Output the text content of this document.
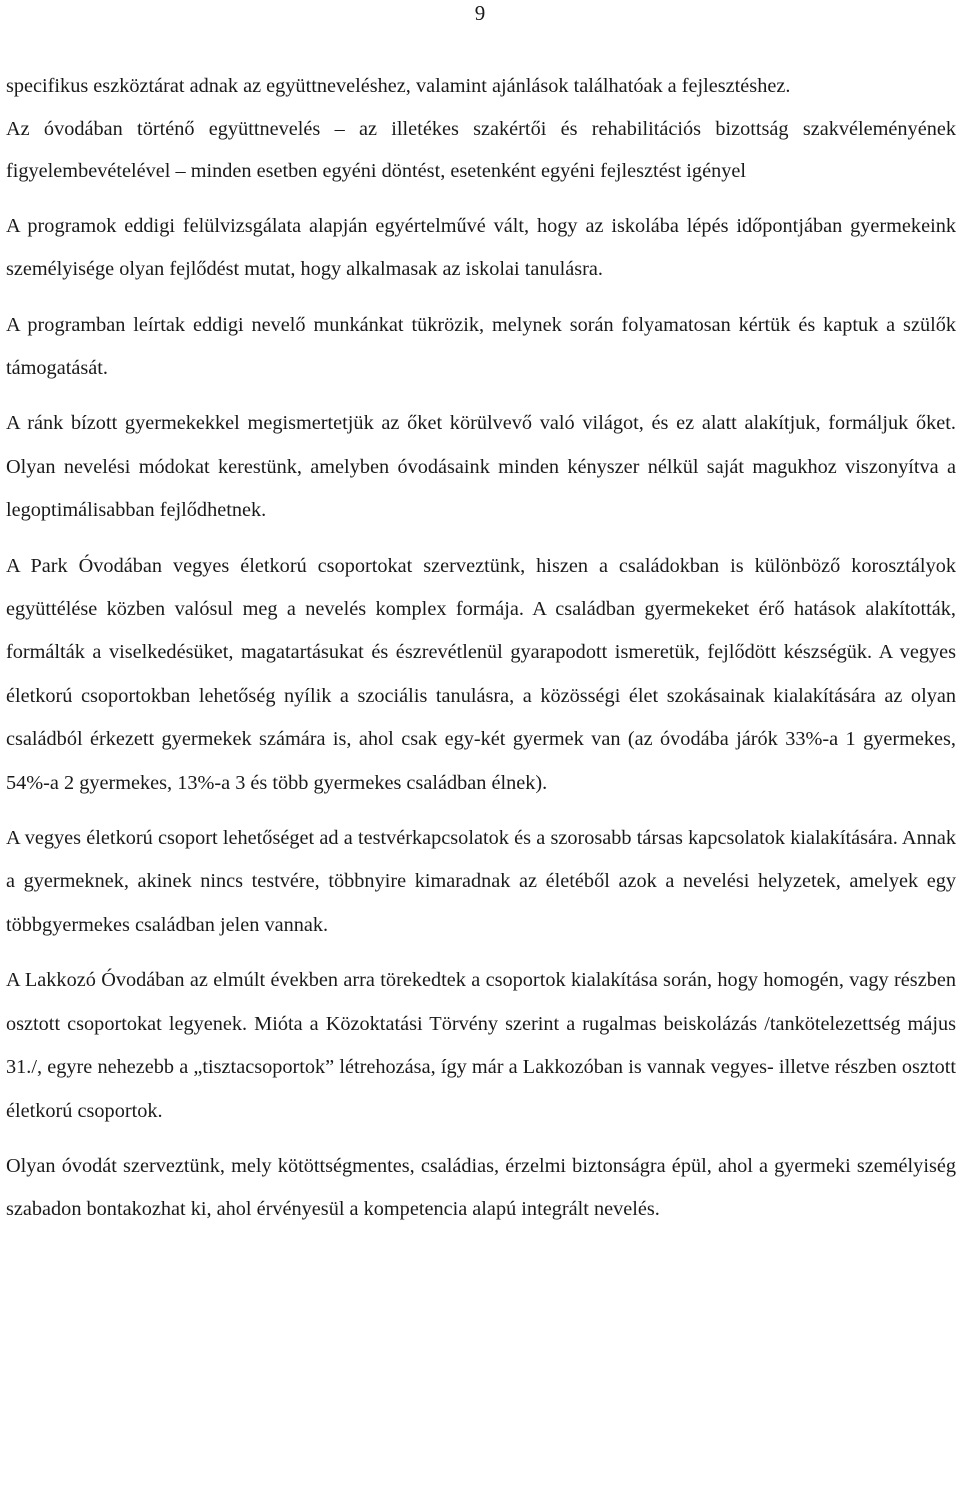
9

specifikus eszköztárat adnak az együttneveléshez, valamint ajánlások találhatóak a fejlesztéshez.

Az óvodában történő együttnevelés – az illetékes szakértői és rehabilitációs bizottság szakvéleményének figyelembevételével – minden esetben egyéni döntést, esetenként egyéni fejlesztést igényel

A programok eddigi felülvizsgálata alapján egyértelművé vált, hogy az iskolába lépés időpontjában gyermekeink személyisége olyan fejlődést mutat, hogy alkalmasak az iskolai tanulásra.

A programban leírtak eddigi nevelő munkánkat tükrözik, melynek során folyamatosan kértük és kaptuk a szülők támogatását.

A ránk bízott gyermekekkel megismertetjük az őket körülvevő való világot, és ez alatt alakítjuk, formáljuk őket. Olyan nevelési módokat kerestünk, amelyben óvodásaink minden kényszer nélkül saját magukhoz viszonyítva a legoptimálisabban fejlődhetnek.

A Park Óvodában vegyes életkorú csoportokat szerveztünk, hiszen a családokban is különböző korosztályok együttélése közben valósul meg a nevelés komplex formája. A családban gyermekeket érő hatások alakították, formálták a viselkedésüket, magatartásukat és észrevétlenül gyarapodott ismeretük, fejlődött készségük. A vegyes életkorú csoportokban lehetőség nyílik a szociális tanulásra, a közösségi élet szokásainak kialakítására az olyan családból érkezett gyermekek számára is, ahol csak egy-két gyermek van (az óvodába járók 33%-a 1 gyermekes, 54%-a 2 gyermekes, 13%-a 3 és több gyermekes családban élnek).

A vegyes életkorú csoport lehetőséget ad a testvérkapcsolatok és a szorosabb társas kapcsolatok kialakítására. Annak a gyermeknek, akinek nincs testvére, többnyire kimaradnak az életéből azok a nevelési helyzetek, amelyek egy többgyermekes családban jelen vannak.

A Lakkozó Óvodában az elmúlt években arra törekedtek a csoportok kialakítása során, hogy homogén, vagy részben osztott csoportokat legyenek. Mióta a Közoktatási Törvény szerint a rugalmas beiskolázás /tankötelezettség május 31./, egyre nehezebb a „tisztacsoportok” létrehozása, így már a Lakkozóban is vannak vegyes- illetve részben osztott életkorú csoportok.

Olyan óvodát szerveztünk, mely kötöttségmentes, családias, érzelmi biztonságra épül, ahol a gyermeki személyiség szabadon bontakozhat ki, ahol érvényesül a kompetencia alapú integrált nevelés.
